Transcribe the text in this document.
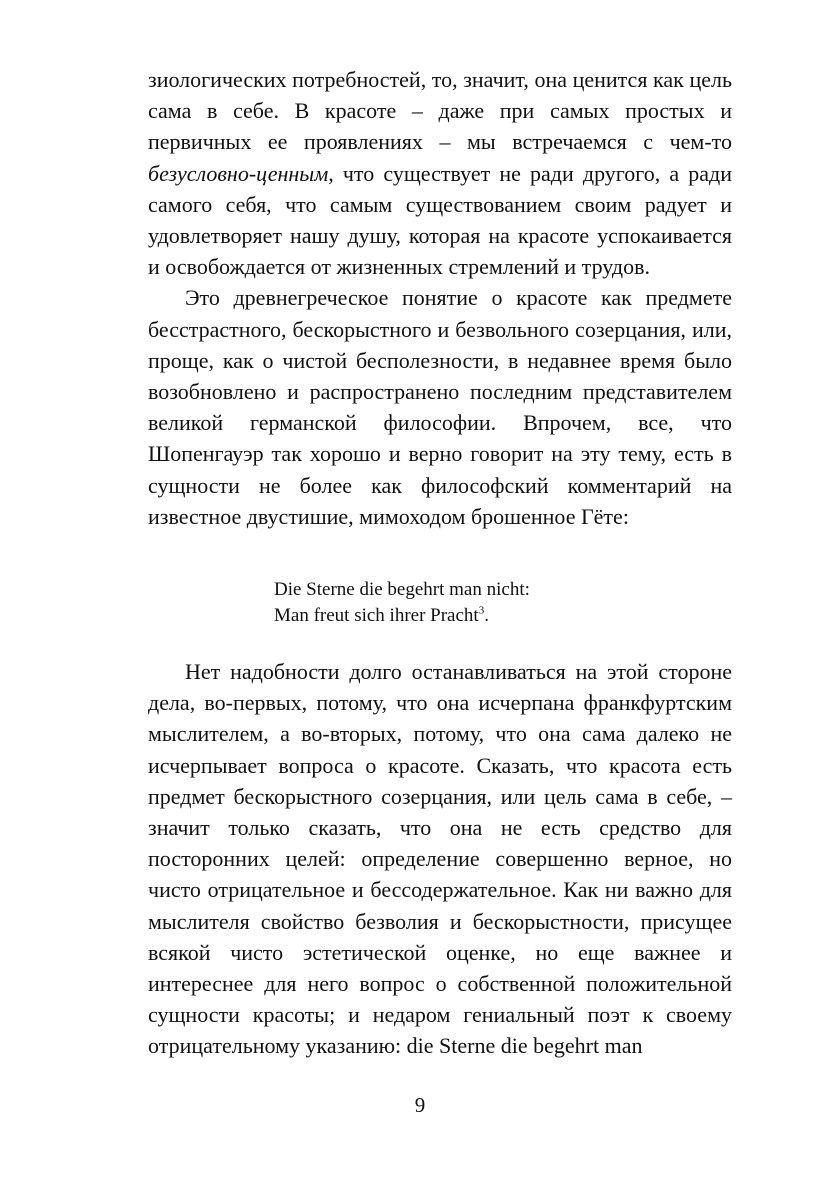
зиологических потребностей, то, значит, она ценится как цель сама в себе. В красоте – даже при самых простых и первичных ее проявлениях – мы встречаемся с чем-то безусловно-ценным, что существует не ради другого, а ради самого себя, что самым существованием своим радует и удовлетворяет нашу душу, которая на красоте успокаивается и освобождается от жизненных стремлений и трудов.

Это древнегреческое понятие о красоте как предмете бесстрастного, бескорыстного и безвольного созерцания, или, проще, как о чистой бесполезности, в недавнее время было возобновлено и распространено последним представителем великой германской философии. Впрочем, все, что Шопенгауэр так хорошо и верно говорит на эту тему, есть в сущности не более как философский комментарий на известное двустишие, мимоходом брошенное Гёте:

Die Sterne die begehrt man nicht:
Man freut sich ihrer Pracht$^3$.

Нет надобности долго останавливаться на этой стороне дела, во-первых, потому, что она исчерпана франкфуртским мыслителем, а во-вторых, потому, что она сама далеко не исчерпывает вопроса о красоте. Сказать, что красота есть предмет бескорыстного созерцания, или цель сама в себе, – значит только сказать, что она не есть средство для посторонних целей: определение совершенно верное, но чисто отрицательное и бессодержательное. Как ни важно для мыслителя свойство безволия и бескорыстности, присущее всякой чисто эстетической оценке, но еще важнее и интереснее для него вопрос о собственной положительной сущности красоты; и недаром гениальный поэт к своему отрицательному указанию: die Sterne die begehrt man

9
